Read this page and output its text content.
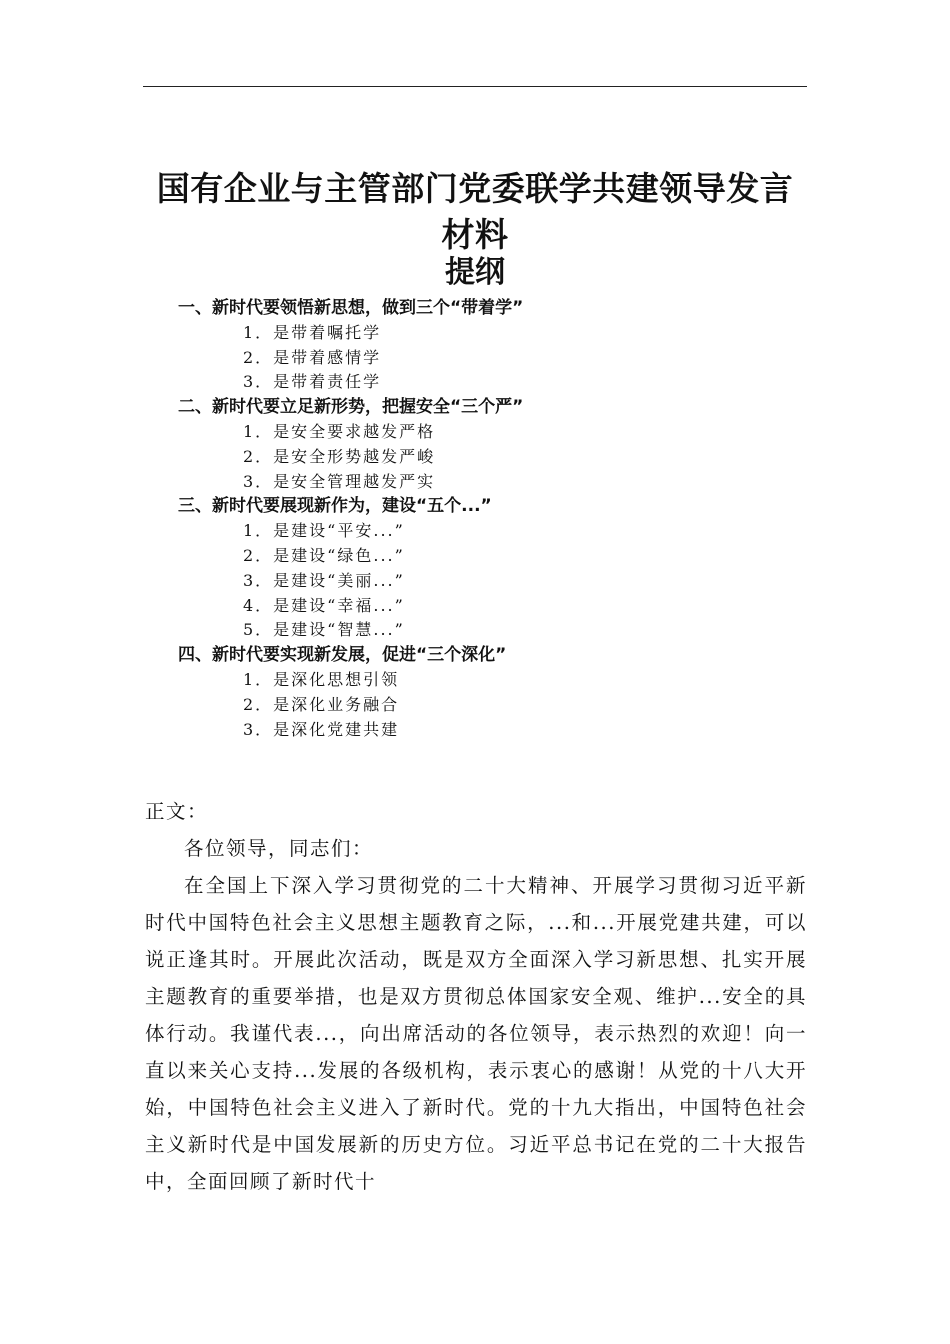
国有企业与主管部门党委联学共建领导发言材料
提纲
一、新时代要领悟新思想，做到三个“带着学”
1．是带着嘱托学
2．是带着感情学
3．是带着责任学
二、新时代要立足新形势，把握安全“三个严”
1．是安全要求越发严格
2．是安全形势越发严峻
3．是安全管理越发严实
三、新时代要展现新作为，建设“五个...”
1．是建设“平安...”
2．是建设“绿色...”
3．是建设“美丽...”
4．是建设“幸福...”
5．是建设“智慧...”
四、新时代要实现新发展，促进“三个深化”
1．是深化思想引领
2．是深化业务融合
3．是深化党建共建

正文：

各位领导，同志们：

在全国上下深入学习贯彻党的二十大精神、开展学习贯彻习近平新时代中国特色社会主义思想主题教育之际，...和...开展党建共建，可以说正逢其时。开展此次活动，既是双方全面深入学习新思想、扎实开展主题教育的重要举措，也是双方贯彻总体国家安全观、维护...安全的具体行动。我谨代表...，向出席活动的各位领导，表示热烈的欢迎！向一直以来关心支持...发展的各级机构，表示衷心的感谢！从党的十八大开始，中国特色社会主义进入了新时代。党的十九大指出，中国特色社会主义新时代是中国发展新的历史方位。习近平总书记在党的二十大报告中，全面回顾了新时代十
